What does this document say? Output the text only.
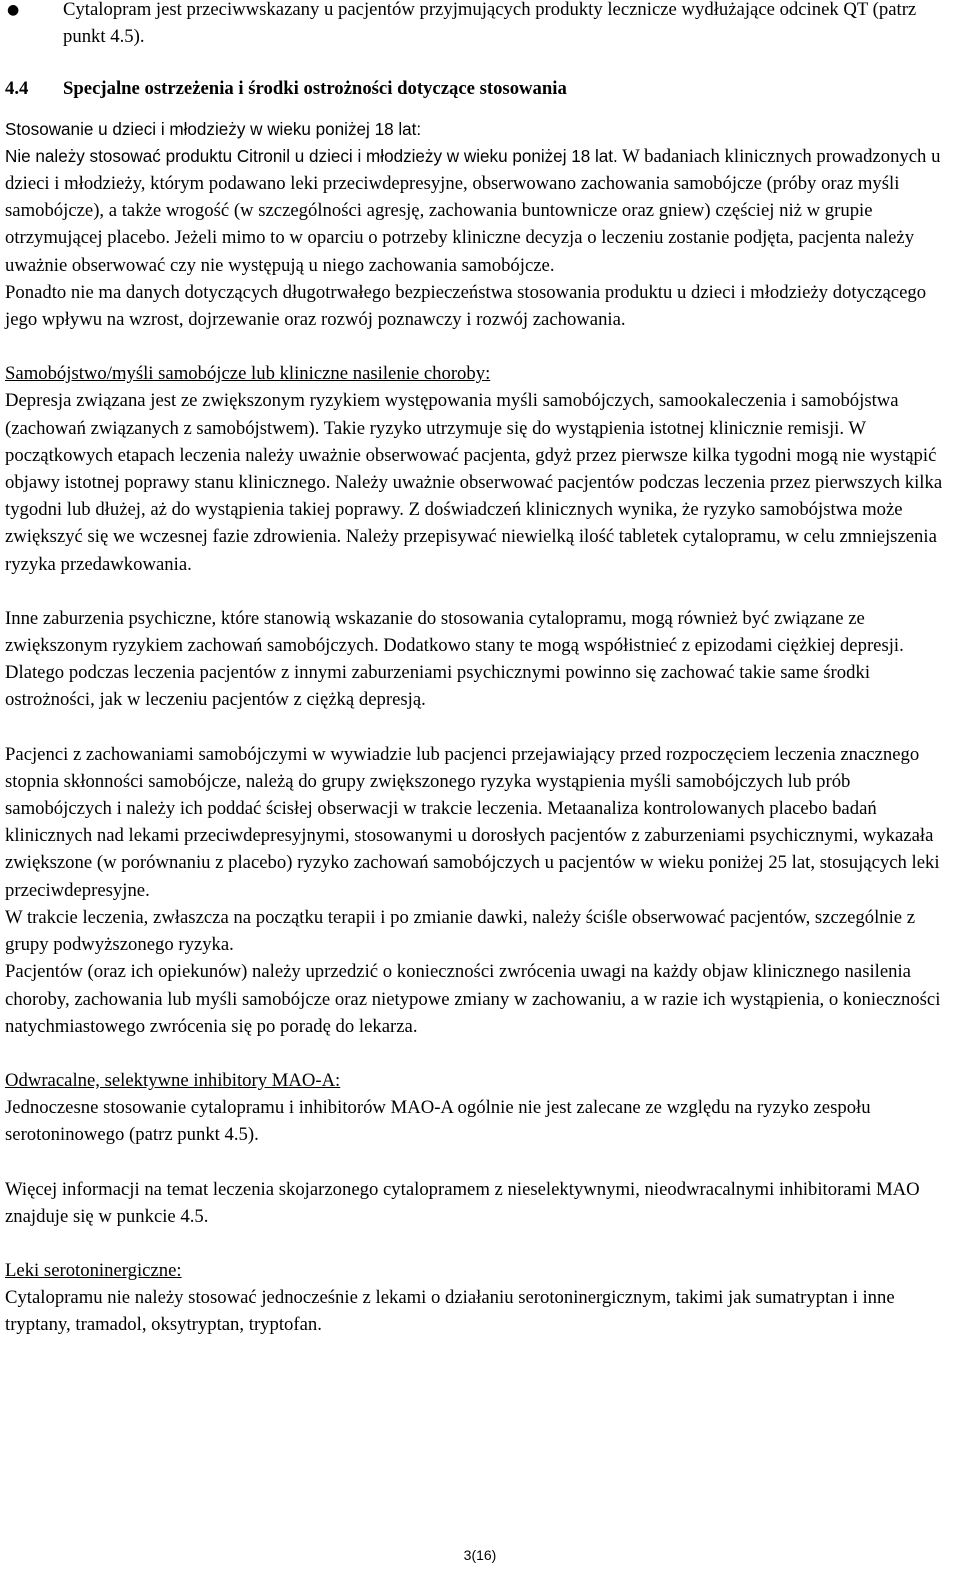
● Cytalopram jest przeciwwskazany u pacjentów przyjmujących produkty lecznicze wydłużające odcinek QT (patrz punkt 4.5).

4.4 Specjalne ostrzeżenia i środki ostrożności dotyczące stosowania

Stosowanie u dzieci i młodzieży w wieku poniżej 18 lat:

Nie należy stosować produktu Citronil u dzieci i młodzieży w wieku poniżej 18 lat. W badaniach klinicznych prowadzonych u dzieci i młodzieży, którym podawano leki przeciwdepresyjne, obserwowano zachowania samobójcze (próby oraz myśli samobójcze), a także wrogość (w szczególności agresję, zachowania buntownicze oraz gniew) częściej niż w grupie otrzymującej placebo. Jeżeli mimo to w oparciu o potrzeby kliniczne decyzja o leczeniu zostanie podjęta, pacjenta należy uważnie obserwować czy nie występują u niego zachowania samobójcze.

Ponadto nie ma danych dotyczących długotrwałego bezpieczeństwa stosowania produktu u dzieci i młodzieży dotyczącego jego wpływu na wzrost, dojrzewanie oraz rozwój poznawczy i rozwój zachowania.

Samobójstwo/myśli samobójcze lub kliniczne nasilenie choroby:

Depresja związana jest ze zwiększonym ryzykiem występowania myśli samobójczych, samookaleczenia i samobójstwa (zachowań związanych z samobójstwem). Takie ryzyko utrzymuje się do wystąpienia istotnej klinicznie remisji. W początkowych etapach leczenia należy uważnie obserwować pacjenta, gdyż przez pierwsze kilka tygodni mogą nie wystąpić objawy istotnej poprawy stanu klinicznego. Należy uważnie obserwować pacjentów podczas leczenia przez pierwszych kilka tygodni lub dłużej, aż do wystąpienia takiej poprawy. Z doświadczeń klinicznych wynika, że ryzyko samobójstwa może zwiększyć się we wczesnej fazie zdrowienia. Należy przepisywać niewielką ilość tabletek cytalopramu, w celu zmniejszenia ryzyka przedawkowania.

Inne zaburzenia psychiczne, które stanowią wskazanie do stosowania cytalopramu, mogą również być związane ze zwiększonym ryzykiem zachowań samobójczych. Dodatkowo stany te mogą współistnieć z epizodami ciężkiej depresji. Dlatego podczas leczenia pacjentów z innymi zaburzeniami psychicznymi powinno się zachować takie same środki ostrożności, jak w leczeniu pacjentów z ciężką depresją.

Pacjenci z zachowaniami samobójczymi w wywiadzie lub pacjenci przejawiający przed rozpoczęciem leczenia znacznego stopnia skłonności samobójcze, należą do grupy zwiększonego ryzyka wystąpienia myśli samobójczych lub prób samobójczych i należy ich poddać ścisłej obserwacji w trakcie leczenia. Metaanaliza kontrolowanych placebo badań klinicznych nad lekami przeciwdepresyjnymi, stosowanymi u dorosłych pacjentów z zaburzeniami psychicznymi, wykazała zwiększone (w porównaniu z placebo) ryzyko zachowań samobójczych u pacjentów w wieku poniżej 25 lat, stosujących leki przeciwdepresyjne.

W trakcie leczenia, zwłaszcza na początku terapii i po zmianie dawki, należy ściśle obserwować pacjentów, szczególnie z grupy podwyższonego ryzyka.

Pacjentów (oraz ich opiekunów) należy uprzedzić o konieczności zwrócenia uwagi na każdy objaw klinicznego nasilenia choroby, zachowania lub myśli samobójcze oraz nietypowe zmiany w zachowaniu, a w razie ich wystąpienia, o konieczności natychmiastowego zwrócenia się po poradę do lekarza.

Odwracalne, selektywne inhibitory MAO-A:

Jednoczesne stosowanie cytalopramu i inhibitorów MAO-A ogólnie nie jest zalecane ze względu na ryzyko zespołu serotoninowego (patrz punkt 4.5).

Więcej informacji na temat leczenia skojarzonego cytalopramem z nieselektywnymi, nieodwracalnymi inhibitorami MAO znajduje się w punkcie 4.5.

Leki serotoninergiczne:

Cytalopramu nie należy stosować jednocześnie z lekami o działaniu serotoninergicznym, takimi jak sumatryptan i inne tryptany, tramadol, oksytryptan, tryptofan.

3(16)
